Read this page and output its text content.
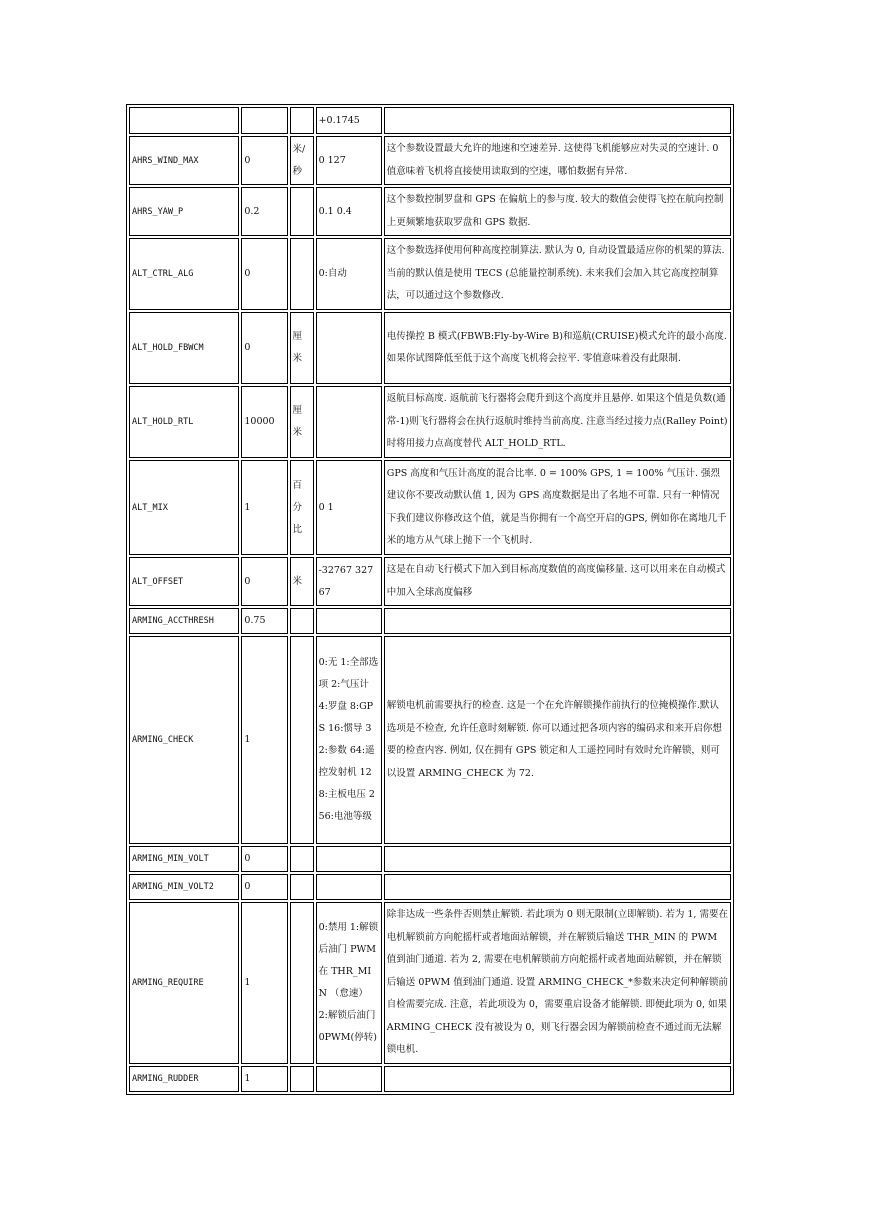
			+0.1745	
AHRS_WIND_MAX	0	米/秒	0 127	这个参数设置最大允许的地速和空速差异. 这使得飞机能够应对失灵的空速计. 0 值意味着飞机将直接使用读取到的空速，哪怕数据有异常.
AHRS_YAW_P	0.2		0.1 0.4	这个参数控制罗盘和 GPS 在偏航上的参与度. 较大的数值会使得飞控在航向控制上更频繁地获取罗盘和 GPS 数据.
ALT_CTRL_ALG	0		0:自动	这个参数选择使用何种高度控制算法. 默认为 0, 自动设置最适应你的机架的算法. 当前的默认值是使用 TECS (总能量控制系统). 未来我们会加入其它高度控制算法，可以通过这个参数修改.
ALT_HOLD_FBWCM	0	厘米		电传操控 B 模式(FBWB:Fly-by-Wire B)和巡航(CRUISE)模式允许的最小高度. 如果你试图降低至低于这个高度飞机将会拉平. 零值意味着没有此限制.
ALT_HOLD_RTL	10000	厘米		返航目标高度. 返航前飞行器将会爬升到这个高度并且悬停. 如果这个值是负数(通常-1)则飞行器将会在执行返航时维持当前高度. 注意当经过接力点(Ralley Point)时将用接力点高度替代 ALT_HOLD_RTL.
ALT_MIX	1	百分比	0 1	GPS 高度和气压计高度的混合比率. 0 = 100% GPS, 1 = 100% 气压计. 强烈建议你不要改动默认值 1, 因为 GPS 高度数据是出了名地不可靠. 只有一种情况下我们建议你修改这个值，就是当你拥有一个高空开启的GPS, 例如你在离地几千米的地方从气球上抛下一个飞机时.
ALT_OFFSET	0	米	-32767 32767	这是在自动飞行模式下加入到目标高度数值的高度偏移量. 这可以用来在自动模式中加入全球高度偏移
ARMING_ACCTHRESH	0.75			
ARMING_CHECK	1		0:无 1:全部选项 2:气压计 4:罗盘 8:GPS 16:惯导 32:参数 64:遥控发射机 128:主板电压 256:电池等级	解锁电机前需要执行的检查. 这是一个在允许解锁操作前执行的位掩模操作.默认选项是不检查, 允许任意时刻解锁. 你可以通过把各项内容的编码求和来开启你想要的检查内容. 例如, 仅在拥有 GPS 锁定和人工遥控同时有效时允许解锁，则可以设置 ARMING_CHECK 为 72.
ARMING_MIN_VOLT	0			
ARMING_MIN_VOLT2	0			
ARMING_REQUIRE	1		0:禁用 1:解锁后油门 PWM 在 THR_MIN （怠速） 2:解锁后油门 0PWM(停转)	除非达成一些条件否则禁止解锁. 若此项为 0 则无限制(立即解锁). 若为 1, 需要在电机解锁前方向舵摇杆或者地面站解锁，并在解锁后输送 THR_MIN 的 PWM 值到油门通道. 若为 2, 需要在电机解锁前方向舵摇杆或者地面站解锁，并在解锁后输送 0PWM 值到油门通道. 设置 ARMING_CHECK_*参数来决定何种解锁前自检需要完成. 注意，若此项设为 0，需要重启设备才能解锁. 即便此项为 0, 如果 ARMING_CHECK 没有被设为 0，则飞行器会因为解锁前检查不通过而无法解锁电机.
ARMING_RUDDER	1			
